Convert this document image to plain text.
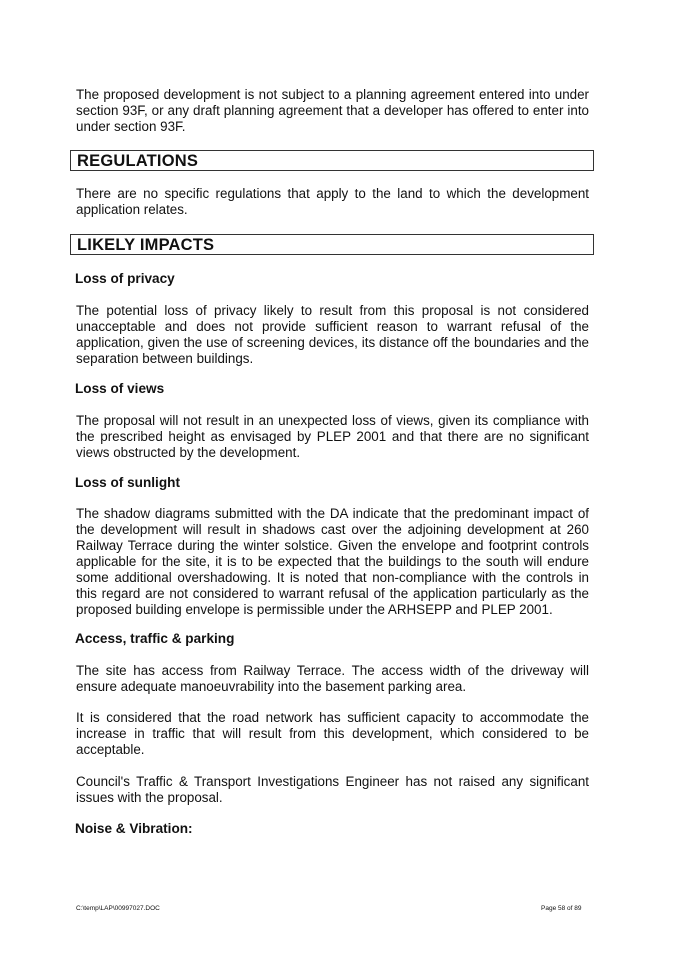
The proposed development is not subject to a planning agreement entered into under section 93F, or any draft planning agreement that a developer has offered to enter into under section 93F.

REGULATIONS

There are no specific regulations that apply to the land to which the development application relates.

LIKELY IMPACTS

Loss of privacy

The potential loss of privacy likely to result from this proposal is not considered unacceptable and does not provide sufficient reason to warrant refusal of the application, given the use of screening devices, its distance off the boundaries and the separation between buildings.

Loss of views

The proposal will not result in an unexpected loss of views, given its compliance with the prescribed height as envisaged by PLEP 2001 and that there are no significant views obstructed by the development.

Loss of sunlight

The shadow diagrams submitted with the DA indicate that the predominant impact of the development will result in shadows cast over the adjoining development at 260 Railway Terrace during the winter solstice. Given the envelope and footprint controls applicable for the site, it is to be expected that the buildings to the south will endure some additional overshadowing. It is noted that non-compliance with the controls in this regard are not considered to warrant refusal of the application particularly as the proposed building envelope is permissible under the ARHSEPP and PLEP 2001.

Access, traffic & parking

The site has access from Railway Terrace. The access width of the driveway will ensure adequate manoeuvrability into the basement parking area.

It is considered that the road network has sufficient capacity to accommodate the increase in traffic that will result from this development, which considered to be acceptable.

Council's Traffic & Transport Investigations Engineer has not raised any significant issues with the proposal.

Noise & Vibration:

C:\temp\LAP\00997027.DOC	Page 58 of 89
